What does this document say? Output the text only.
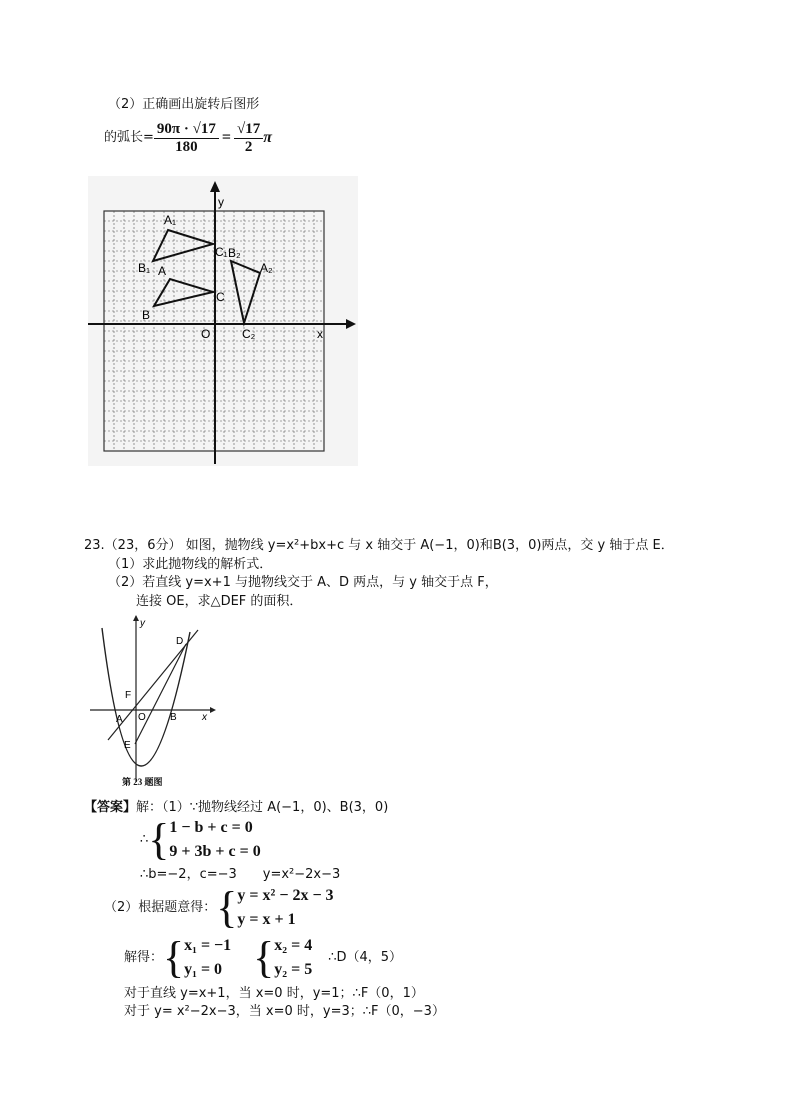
（2）正确画出旋转后图形
的弧长= $\frac{90\pi \cdot √17}{180} = \frac{√17}{2}$ π
x
y
O
A₁
B₁
C₁
A
B
C
B₂
A₂
C₂
23.（23，6分） 如图，抛物线 y=x²+bx+c 与 x 轴交于 A(−1，0)和B(3，0)两点，交 y 轴于点 E．
（1）求此抛物线的解析式．
（2）若直线 y=x+1 与抛物线交于 A、D 两点，与 y 轴交于点 F，
连接 OE，求△DEF 的面积．
y
x
D
F
A O B
E
第 23 题图
【答案】解：（1）∵抛物线经过 A(−1，0)、B(3，0)
∴ { 1 − b + c = 0
9 + 3b + c = 0
∴b=−2，c=−3　　y=x²−2x−3
（2）根据题意得： { y = x² − 2x − 3
y = x + 1
解得： { x₁ = −1
y₁ = 0 { x₂ = 4
y₂ = 5
∴D（4，5）
对于直线 y=x+1，当 x=0 时，y=1；∴F（0，1）
对于 y= x²−2x−3，当 x=0 时，y=3；∴F（0，−3）
